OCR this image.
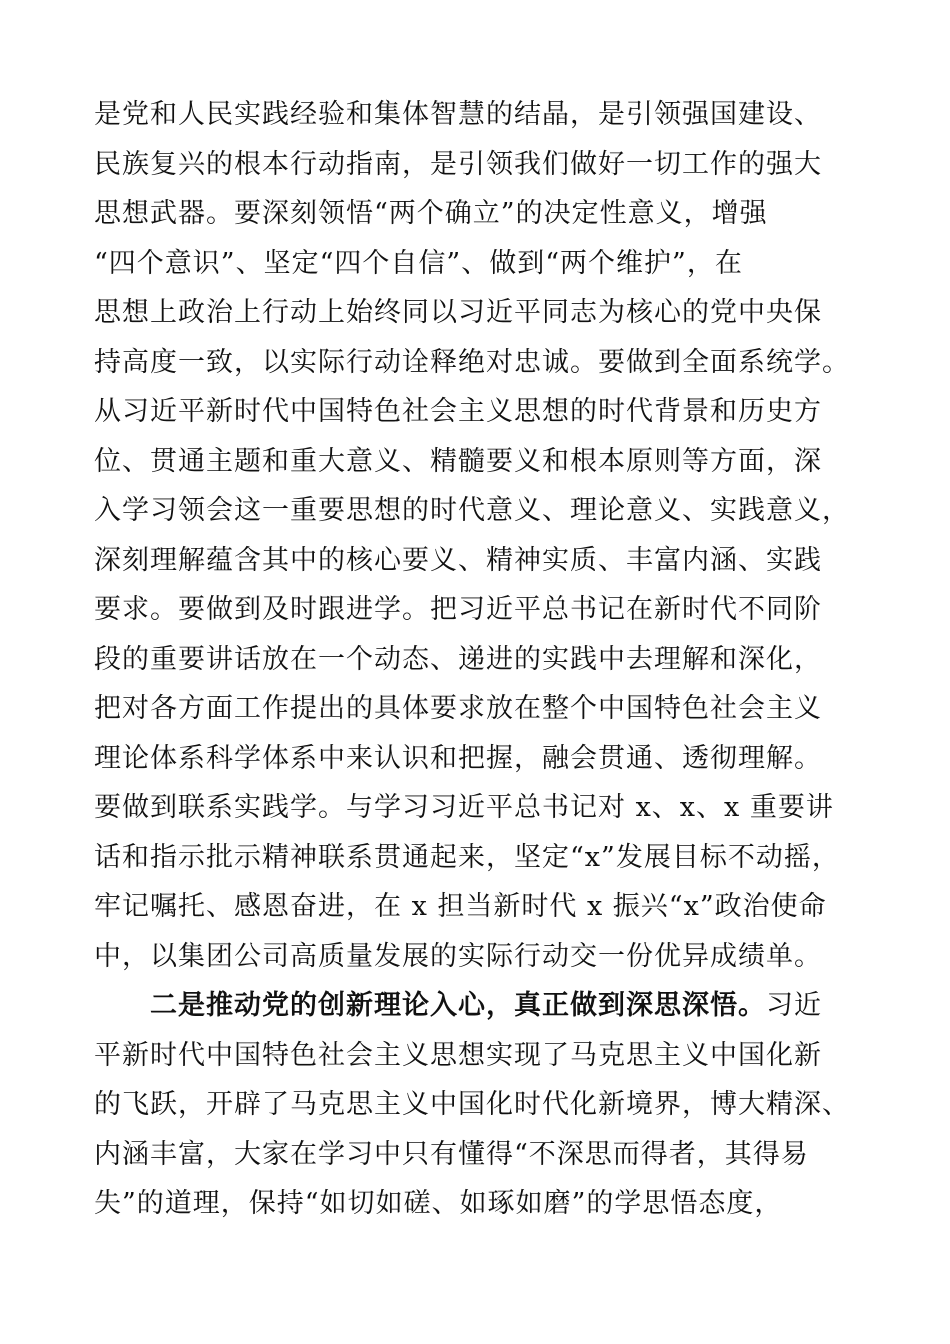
是党和人民实践经验和集体智慧的结晶，是引领强国建设、
民族复兴的根本行动指南，是引领我们做好一切工作的强大
思想武器。要深刻领悟“两个确立”的决定性意义，增强
“四个意识”、坚定“四个自信”、做到“两个维护”，在
思想上政治上行动上始终同以习近平同志为核心的党中央保
持高度一致，以实际行动诠释绝对忠诚。要做到全面系统学。
从习近平新时代中国特色社会主义思想的时代背景和历史方
位、贯通主题和重大意义、精髓要义和根本原则等方面，深
入学习领会这一重要思想的时代意义、理论意义、实践意义，
深刻理解蕴含其中的核心要义、精神实质、丰富内涵、实践
要求。要做到及时跟进学。把习近平总书记在新时代不同阶
段的重要讲话放在一个动态、递进的实践中去理解和深化，
把对各方面工作提出的具体要求放在整个中国特色社会主义
理论体系科学体系中来认识和把握，融会贯通、透彻理解。
要做到联系实践学。与学习习近平总书记对 x、x、x 重要讲
话和指示批示精神联系贯通起来，坚定“x”发展目标不动摇，
牢记嘱托、感恩奋进，在 x 担当新时代 x 振兴“x”政治使命
中，以集团公司高质量发展的实际行动交一份优异成绩单。
二是推动党的创新理论入心，真正做到深思深悟。习近
平新时代中国特色社会主义思想实现了马克思主义中国化新
的飞跃，开辟了马克思主义中国化时代化新境界，博大精深、
内涵丰富，大家在学习中只有懂得“不深思而得者，其得易
失”的道理，保持“如切如磋、如琢如磨”的学思悟态度，
